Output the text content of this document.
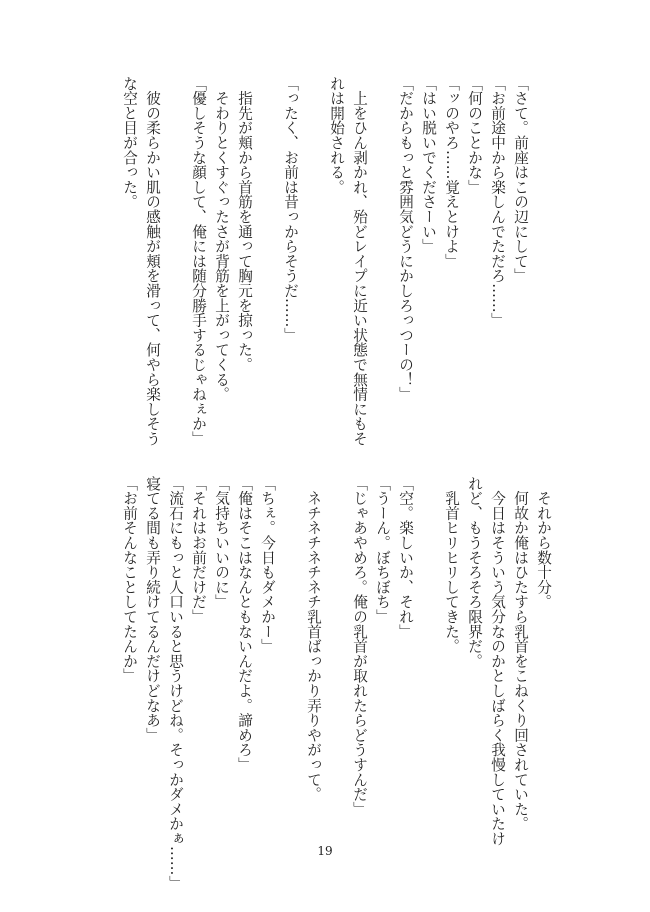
「さて。前座はこの辺にして」

「お前途中から楽しんでただろ……」

「何のことかな」

「ッのやろ……覚えとけよ」

「はい脱いでくださーい」

「だからもっと雰囲気どうにかしろっつーの！」

　上をひん剥かれ、殆どレイプに近い状態で無情にもそ

れは開始される。

「ったく、お前は昔っからそうだ……」

　指先が頬から首筋を通って胸元を掠った。

　そわりとくすぐったさが背筋を上がってくる。

「優しそうな顔して、俺には随分勝手するじゃねぇか」

　彼の柔らかい肌の感触が頬を滑って、何やら楽しそう

な空と目が合った。

　それから数十分。

　何故か俺はひたすら乳首をこねくり回されていた。

　今日はそういう気分なのかとしばらく我慢していたけ

れど、もうそろそろ限界だ。

　乳首ヒリヒリしてきた。

「空。楽しいか、それ」

「うーん。ぼちぼち」

「じゃあやめろ。俺の乳首が取れたらどうすんだ」

　ネチネチネチネチ乳首ばっかり弄りやがって。

「ちぇ。今日もダメかー」

「俺はそこはなんともないんだよ。諦めろ」

「気持ちいいのに」

「それはお前だけだ」

「流石にもっと人口いると思うけどね。そっかダメかぁ……」

寝てる間も弄り続けてるんだけどなあ」

「お前そんなことしてたんか」

19
